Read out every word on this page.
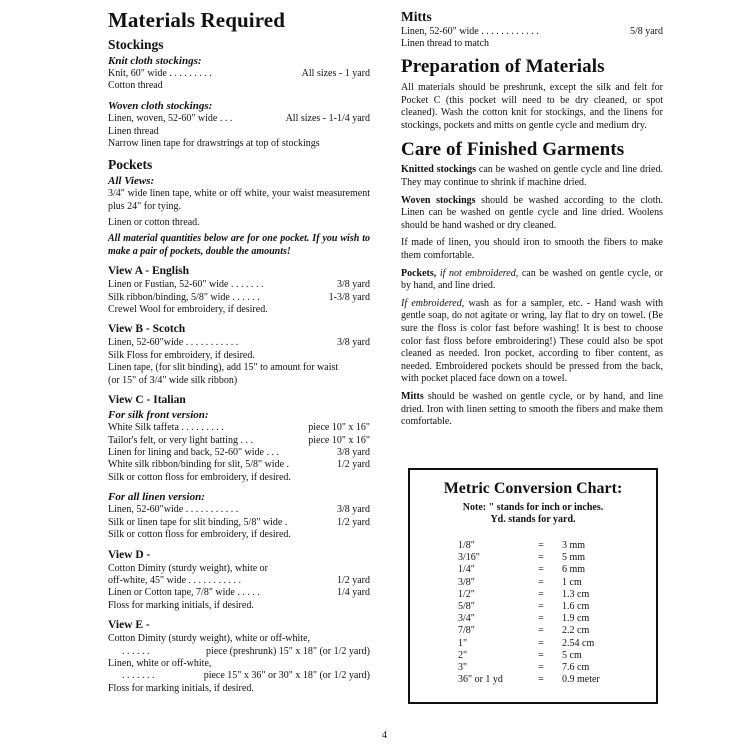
Materials Required
Stockings
Knit cloth stockings:
Knit, 60" wide . . . . . . . . .	All sizes - 1 yard
Cotton thread
Woven cloth stockings:
Linen, woven, 52-60" wide . . .	All sizes - 1-1/4 yard
Linen thread
Narrow linen tape for drawstrings at top of stockings
Pockets
All Views:
3/4" wide linen tape, white or off white, your waist measurement plus 24" for tying.
Linen or cotton thread.
All material quantities below are for one pocket. If you wish to make a pair of pockets, double the amounts!
View A - English
Linen or Fustian, 52-60" wide . . . . . . .	3/8 yard
Silk ribbon/binding, 5/8" wide . . . . . .	1-3/8 yard
Crewel Wool for embroidery, if desired.
View B - Scotch
Linen, 52-60"wide . . . . . . . . . . .	3/8 yard
Silk Floss for embroidery, if desired.
Linen tape, (for slit binding), add 15" to amount for waist
(or 15" of 3/4" wide silk ribbon)
View C - Italian
For silk front version:
White Silk taffeta . . . . . . . . .	piece 10" x 16"
Tailor's felt, or very light batting . . .	piece 10" x 16"
Linen for lining and back, 52-60" wide . . .	3/8 yard
White silk ribbon/binding for slit, 5/8" wide .	1/2 yard
Silk or cotton floss for embroidery, if desired.
For all linen version:
Linen, 52-60"wide . . . . . . . . . . .	3/8 yard
Silk or linen tape for slit binding, 5/8" wide .	1/2 yard
Silk or cotton floss for embroidery, if desired.
View D -
Cotton Dimity (sturdy weight), white or
off-white, 45" wide . . . . . . . . . . .	1/2 yard
Linen or Cotton tape, 7/8" wide . . . . .	1/4 yard
Floss for marking initials, if desired.
View E -
Cotton Dimity (sturdy weight), white or off-white,
. . . . . .	piece (preshrunk) 15" x 18" (or 1/2 yard)
Linen, white or off-white,
. . . . . . .	piece 15" x 36" or 30" x 18" (or 1/2 yard)
Floss for marking initials, if desired.
Mitts
Linen, 52-60" wide . . . . . . . . . . . .	5/8 yard
Linen thread to match
Preparation of Materials

All materials should be preshrunk, except the silk and felt for Pocket C (this pocket will need to be dry cleaned, or spot cleaned). Wash the cotton knit for stockings, and the linens for stockings, pockets and mitts on gentle cycle and medium dry.

Care of Finished Garments

Knitted stockings can be washed on gentle cycle and line dried. They may continue to shrink if machine dried.

Woven stockings should be washed according to the cloth. Linen can be washed on gentle cycle and line dried. Woolens should be hand washed or dry cleaned.

If made of linen, you should iron to smooth the fibers to make them comfortable.

Pockets, if not embroidered, can be washed on gentle cycle, or by hand, and line dried.

If embroidered, wash as for a sampler, etc. - Hand wash with gentle soap, do not agitate or wring, lay flat to dry on towel. (Be sure the floss is color fast before washing! It is best to choose color fast floss before embroidering!) These could also be spot cleaned as needed. Iron pocket, according to fiber content, as needed. Embroidered pockets should be pressed from the back, with pocket placed face down on a towel.

Mitts should be washed on gentle cycle, or by hand, and line dried. Iron with linen setting to smooth the fibers and make them comfortable.

Metric Conversion Chart:
Note: " stands for inch or inches.
Yd. stands for yard.
1/8"	=	3 mm
3/16"	=	5 mm
1/4"	=	6 mm
3/8"	=	1 cm
1/2"	=	1.3 cm
5/8"	=	1.6 cm
3/4"	=	1.9 cm
7/8"	=	2.2 cm
1"	=	2.54 cm
2"	=	5 cm
3"	=	7.6 cm
36" or 1 yd	=	0.9 meter
4
